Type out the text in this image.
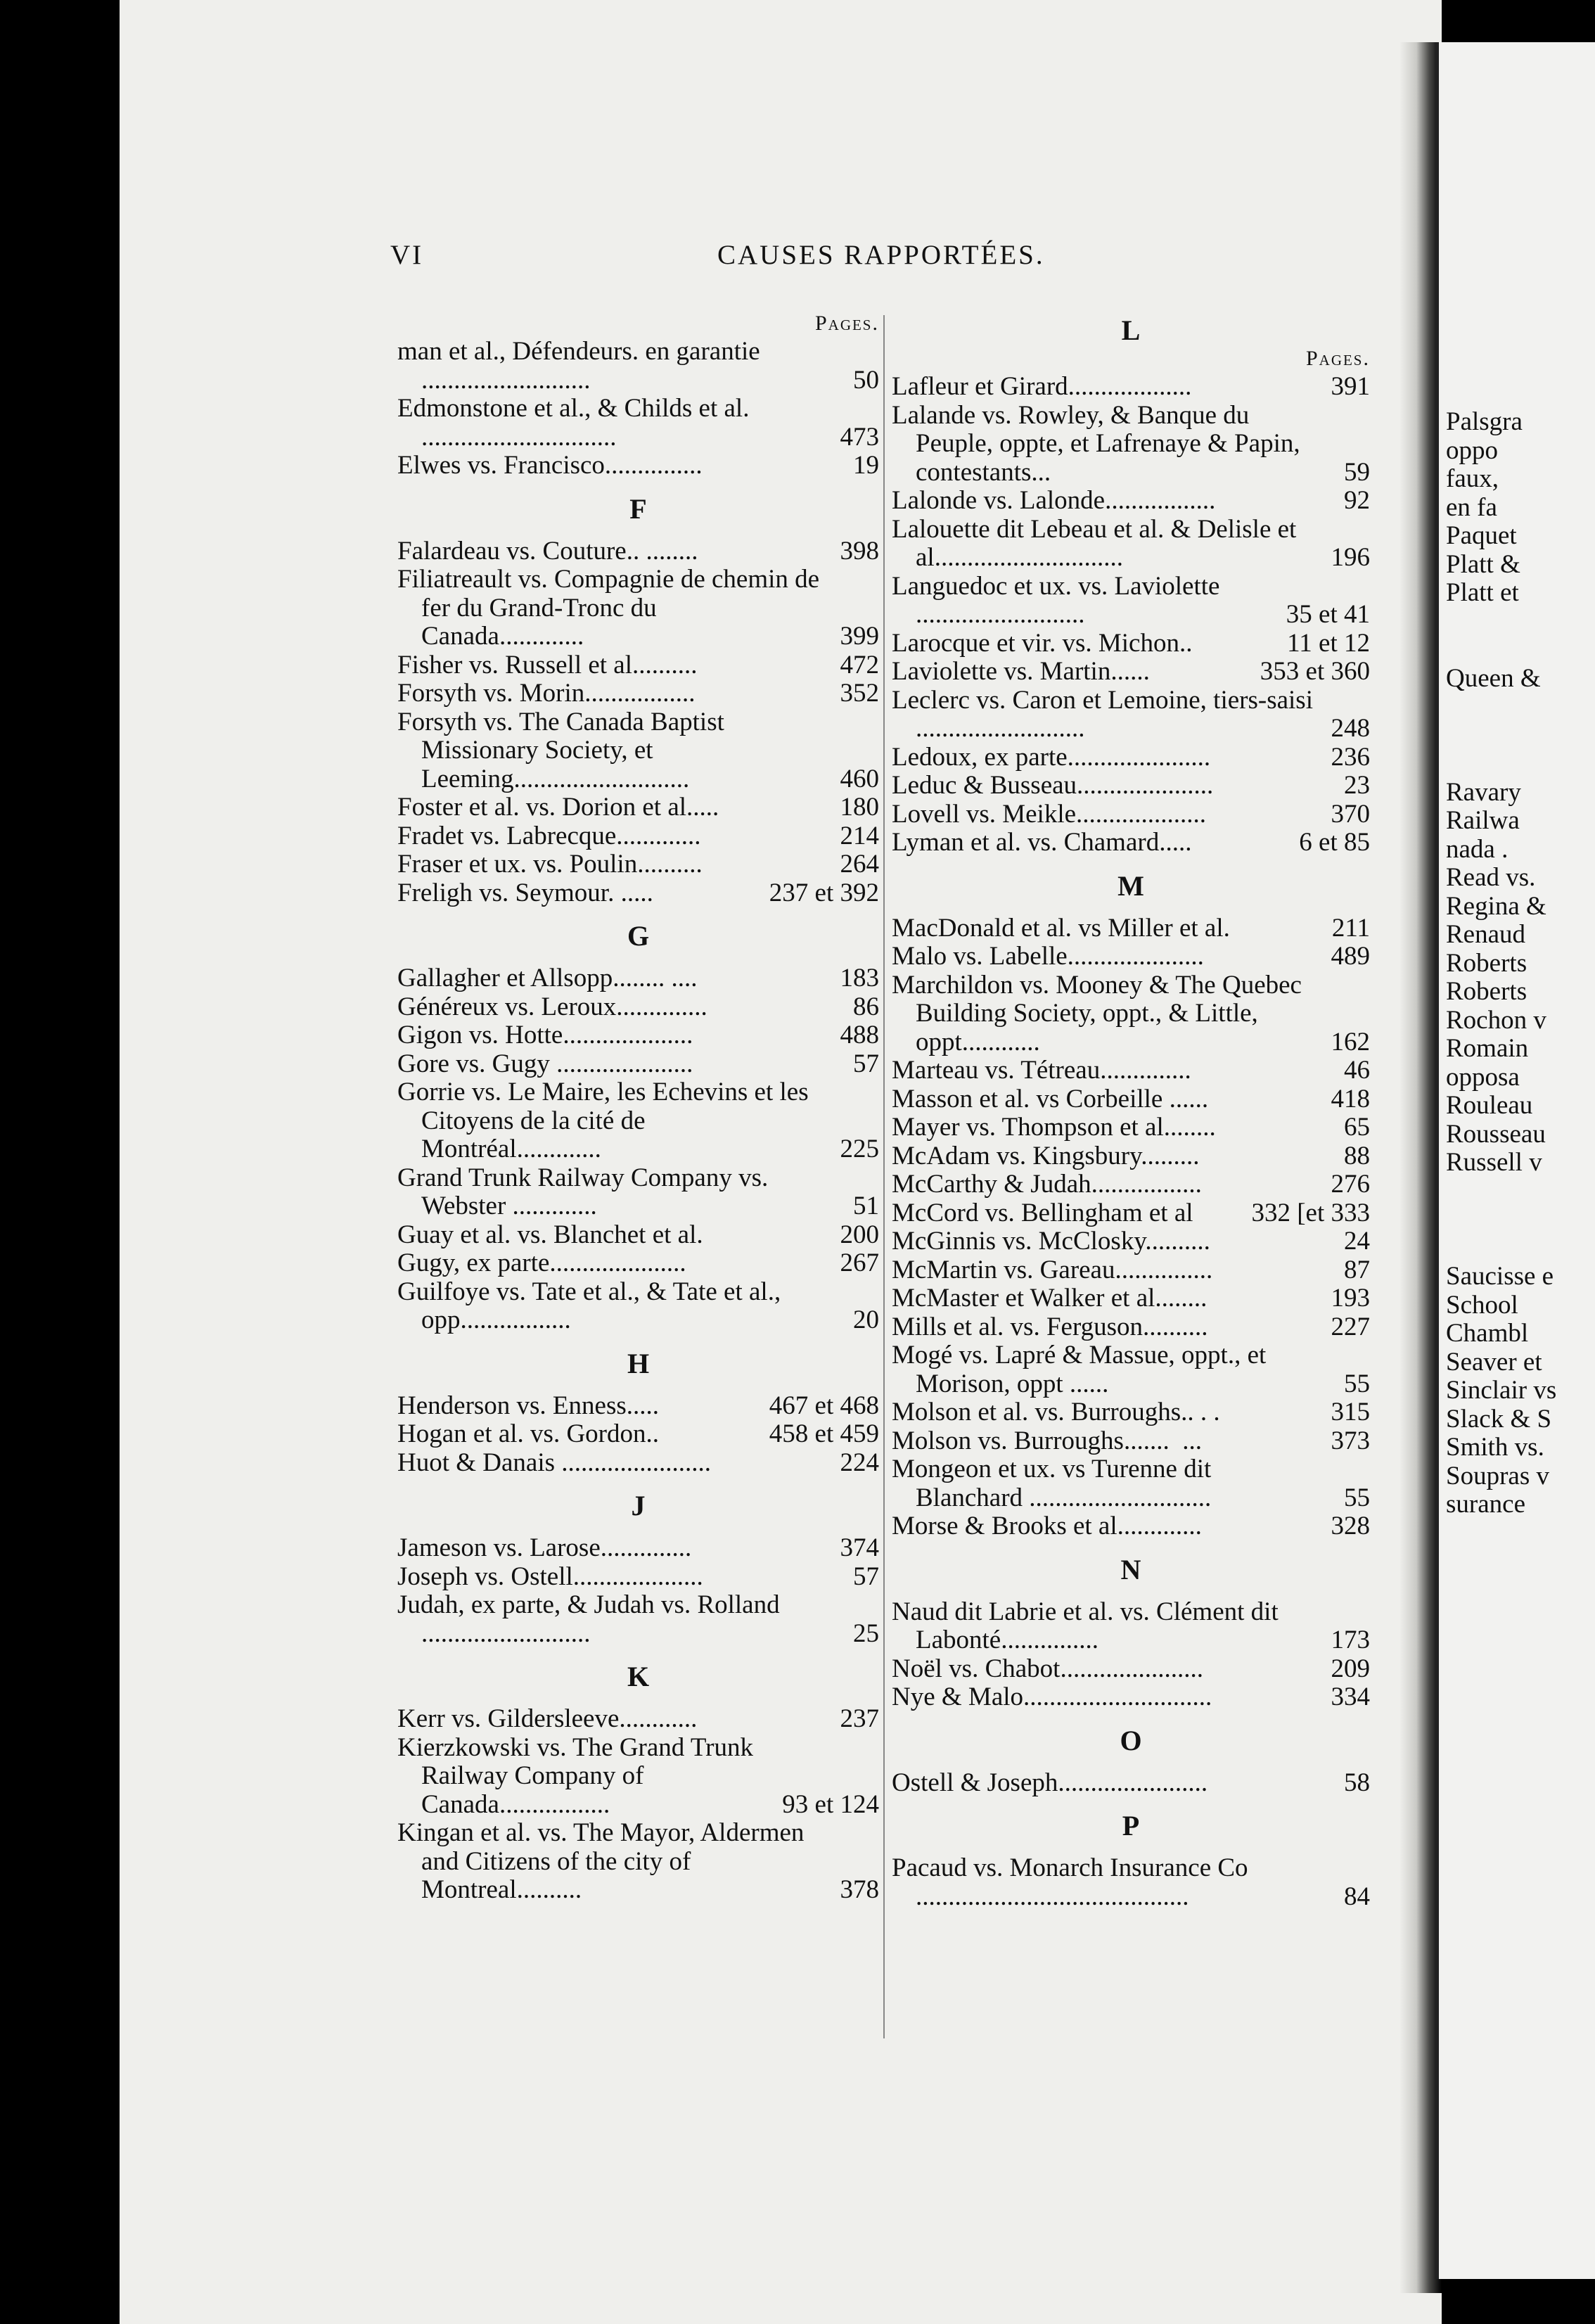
Palsgra
oppo
faux,
en fa
Paquet
Platt &
Platt et
Queen &
Ravary
Railwa
nada .
Read vs.
Regina &
Renaud
Roberts
Roberts
Rochon v
Romain
opposa
Rouleau
Rousseau
Russell v
Saucisse e
School
Chambl
Seaver et
Sinclair vs
Slack & S
Smith vs.
Soupras v
surance
VI	CAUSES RAPPORTÉES.
Pages.
man et al., Défendeurs. en garantie ..........................	50
Edmonstone et al., & Childs et al. ..............................	473
Elwes vs. Francisco...............	19
F
Falardeau vs. Couture.. ........	398
Filiatreault vs. Compagnie de chemin de fer du Grand-Tronc du Canada.............	399
Fisher vs. Russell et al..........	472
Forsyth vs. Morin.................	352
Forsyth vs. The Canada Baptist Missionary Society, et Leeming...........................	460
Foster et al. vs. Dorion et al.....	180
Fradet vs. Labrecque.............	214
Fraser et ux. vs. Poulin..........	264
Freligh vs. Seymour. .....	237 et 392
G
Gallagher et Allsopp........ ....	183
Généreux vs. Leroux..............	86
Gigon vs. Hotte....................	488
Gore vs. Gugy .....................	57
Gorrie vs. Le Maire, les Echevins et les Citoyens de la cité de Montréal.............	225
Grand Trunk Railway Company vs. Webster .............	51
Guay et al. vs. Blanchet et al.	200
Gugy, ex parte.....................	267
Guilfoye vs. Tate et al., & Tate et al., opp.................	20
H
Henderson vs. Enness.....	467 et 468
Hogan et al. vs. Gordon..	458 et 459
Huot & Danais .......................	224
J
Jameson vs. Larose..............	374
Joseph vs. Ostell....................	57
Judah, ex parte, & Judah vs. Rolland ..........................	25
K
Kerr vs. Gildersleeve............	237
Kierzkowski vs. The Grand Trunk Railway Company of Canada.................	93 et 124
Kingan et al. vs. The Mayor, Aldermen and Citizens of the city of Montreal..........	378
L
Pages.
Lafleur et Girard...................	391
Lalande vs. Rowley, & Banque du Peuple, oppte, et Lafrenaye & Papin, contestants...	59
Lalonde vs. Lalonde.................	92
Lalouette dit Lebeau et al. & Delisle et al.............................	196
Languedoc et ux. vs. Laviolette ..........................	35 et 41
Larocque et vir. vs. Michon..	11 et 12
Laviolette vs. Martin......	353 et 360
Leclerc vs. Caron et Lemoine, tiers-saisi ..........................	248
Ledoux, ex parte......................	236
Leduc & Busseau.....................	23
Lovell vs. Meikle....................	370
Lyman et al. vs. Chamard.....	6 et 85
M
MacDonald et al. vs Miller et al.	211
Malo vs. Labelle.....................	489
Marchildon vs. Mooney & The Quebec Building Society, oppt., & Little, oppt............	162
Marteau vs. Tétreau..............	46
Masson et al. vs Corbeille ......	418
Mayer vs. Thompson et al........	65
McAdam vs. Kingsbury.........	88
McCarthy & Judah.................	276
McCord vs. Bellingham et al	332 [et 333
McGinnis vs. McClosky..........	24
McMartin vs. Gareau...............	87
McMaster et Walker et al........	193
Mills et al. vs. Ferguson..........	227
Mogé vs. Lapré & Massue, oppt., et Morison, oppt ......	55
Molson et al. vs. Burroughs.. . .	315
Molson vs. Burroughs.......  ...	373
Mongeon et ux. vs Turenne dit Blanchard ............................	55
Morse & Brooks et al.............	328
N
Naud dit Labrie et al. vs. Clément dit Labonté...............	173
Noël vs. Chabot......................	209
Nye & Malo.............................	334
O
Ostell & Joseph.......................	58
P
Pacaud vs. Monarch Insurance Co ..........................................	84
